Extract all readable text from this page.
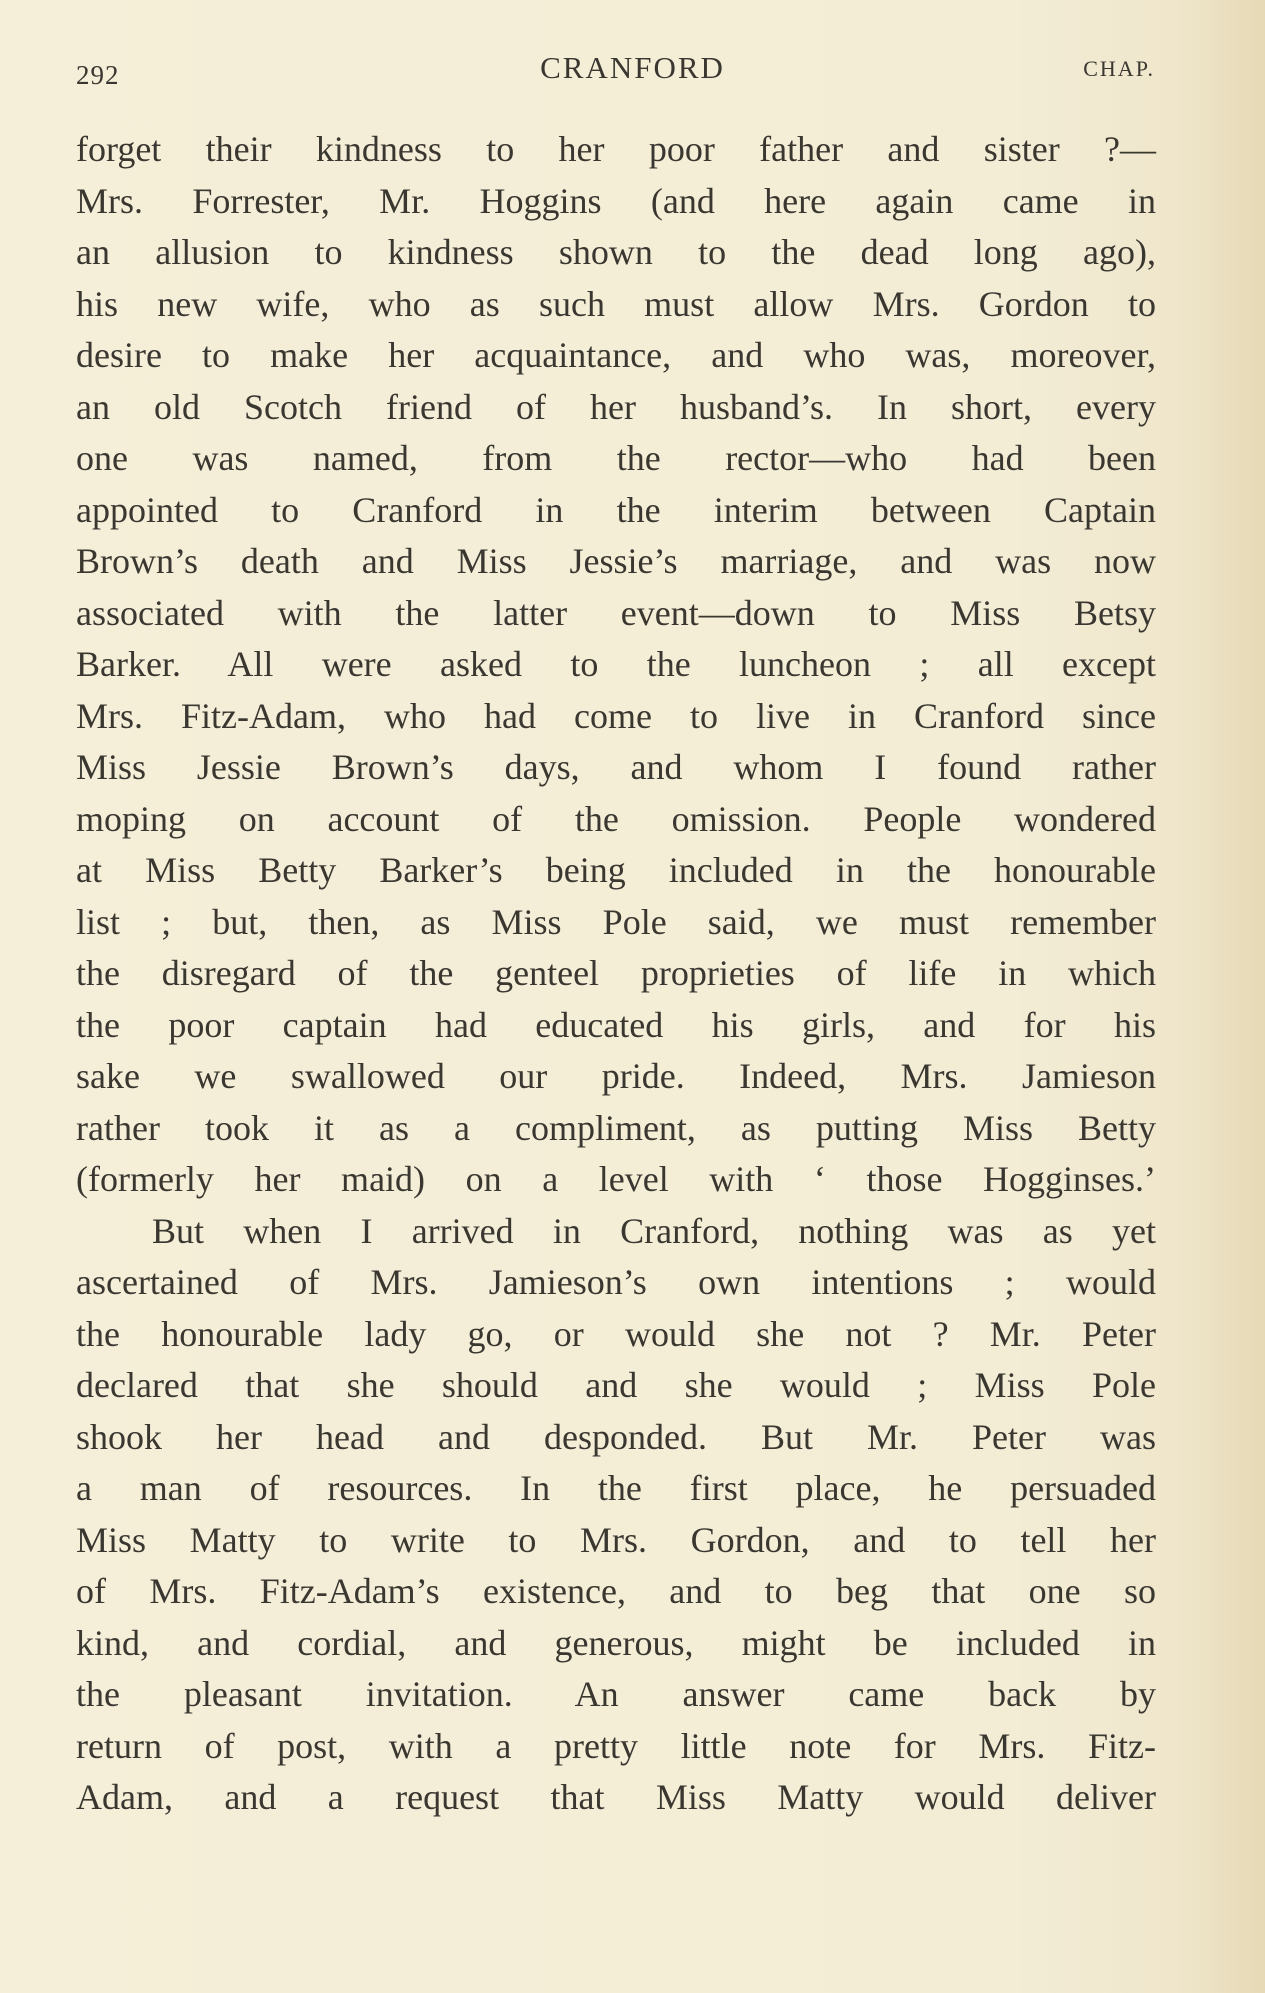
292	CRANFORD	CHAP.
forget their kindness to her poor father and sister ?—
Mrs. Forrester, Mr. Hoggins (and here again came in
an allusion to kindness shown to the dead long ago),
his new wife, who as such must allow Mrs. Gordon to
desire to make her acquaintance, and who was, moreover,
an old Scotch friend of her husband’s. In short, every
one was named, from the rector—who had been
appointed to Cranford in the interim between Captain
Brown’s death and Miss Jessie’s marriage, and was now
associated with the latter event—down to Miss Betsy
Barker. All were asked to the luncheon ; all except
Mrs. Fitz-Adam, who had come to live in Cranford since
Miss Jessie Brown’s days, and whom I found rather
moping on account of the omission. People wondered
at Miss Betty Barker’s being included in the honourable
list ; but, then, as Miss Pole said, we must remember
the disregard of the genteel proprieties of life in which
the poor captain had educated his girls, and for his
sake we swallowed our pride. Indeed, Mrs. Jamieson
rather took it as a compliment, as putting Miss Betty
(formerly her maid) on a level with ‘ those Hogginses.’
But when I arrived in Cranford, nothing was as yet
ascertained of Mrs. Jamieson’s own intentions ; would
the honourable lady go, or would she not ? Mr. Peter
declared that she should and she would ; Miss Pole
shook her head and desponded. But Mr. Peter was
a man of resources. In the first place, he persuaded
Miss Matty to write to Mrs. Gordon, and to tell her
of Mrs. Fitz-Adam’s existence, and to beg that one so
kind, and cordial, and generous, might be included in
the pleasant invitation. An answer came back by
return of post, with a pretty little note for Mrs. Fitz-
Adam, and a request that Miss Matty would deliver
